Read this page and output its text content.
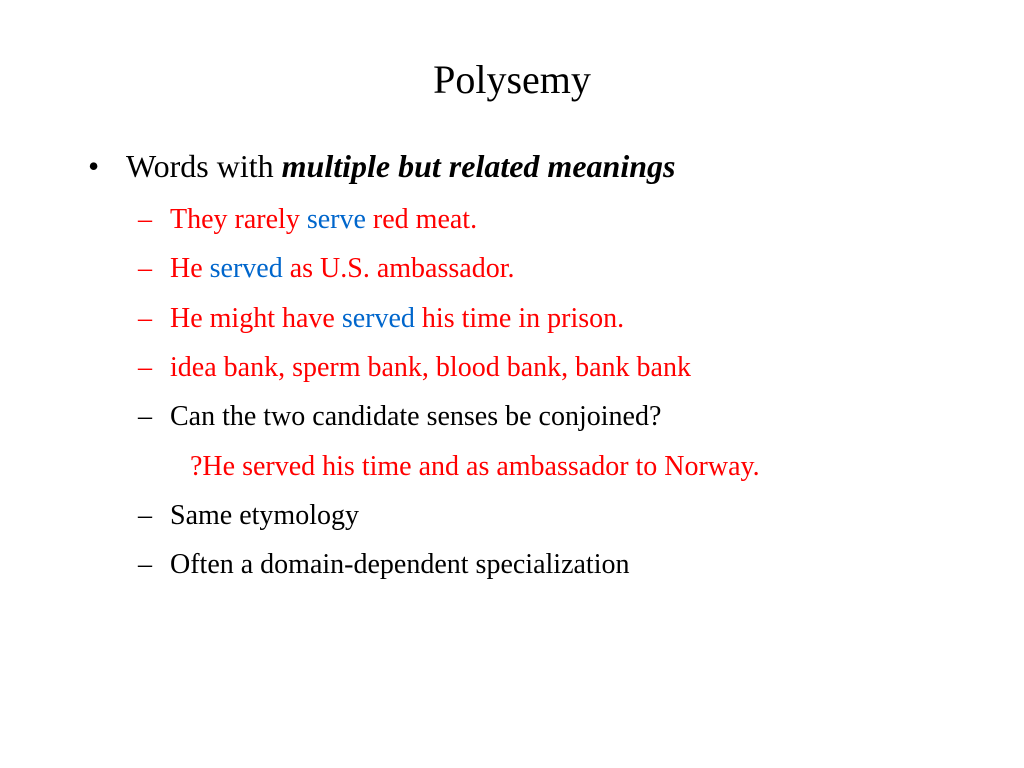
Polysemy
• Words with multiple but related meanings
– They rarely serve red meat.
– He served as U.S. ambassador.
– He might have served his time in prison.
– idea bank, sperm bank, blood bank, bank bank
– Can the two candidate senses be conjoined?
?He served his time and as ambassador to Norway.
– Same etymology
– Often a domain-dependent specialization
